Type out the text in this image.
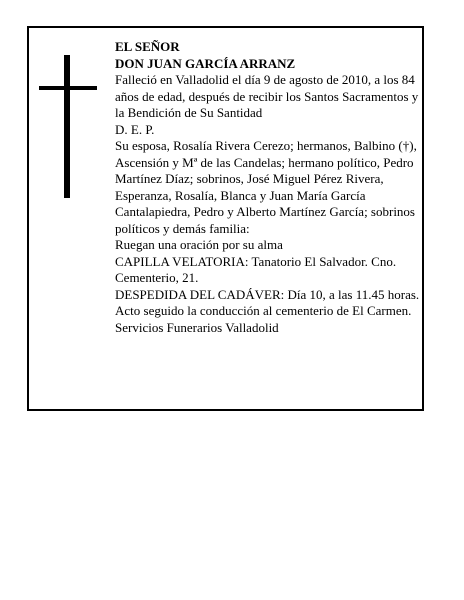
EL SEÑOR

DON JUAN GARCÍA ARRANZ

Falleció en Valladolid el día 9 de agosto de 2010, a los 84 años de edad, después de recibir los Santos Sacramentos y la Bendición de Su Santidad

D. E. P.

Su esposa, Rosalía Rivera Cerezo; hermanos, Balbino (†), Ascensión y Mª de las Candelas; hermano político, Pedro Martínez Díaz; sobrinos, José Miguel Pérez Rivera, Esperanza, Rosalía, Blanca y Juan María García Cantalapiedra, Pedro y Alberto Martínez García; sobrinos políticos y demás familia:

Ruegan una oración por su alma

CAPILLA VELATORIA: Tanatorio El Salvador. Cno. Cementerio, 21.

DESPEDIDA DEL CADÁVER: Día 10, a las 11.45 horas. Acto seguido la conducción al cementerio de El Carmen.

Servicios Funerarios Valladolid
